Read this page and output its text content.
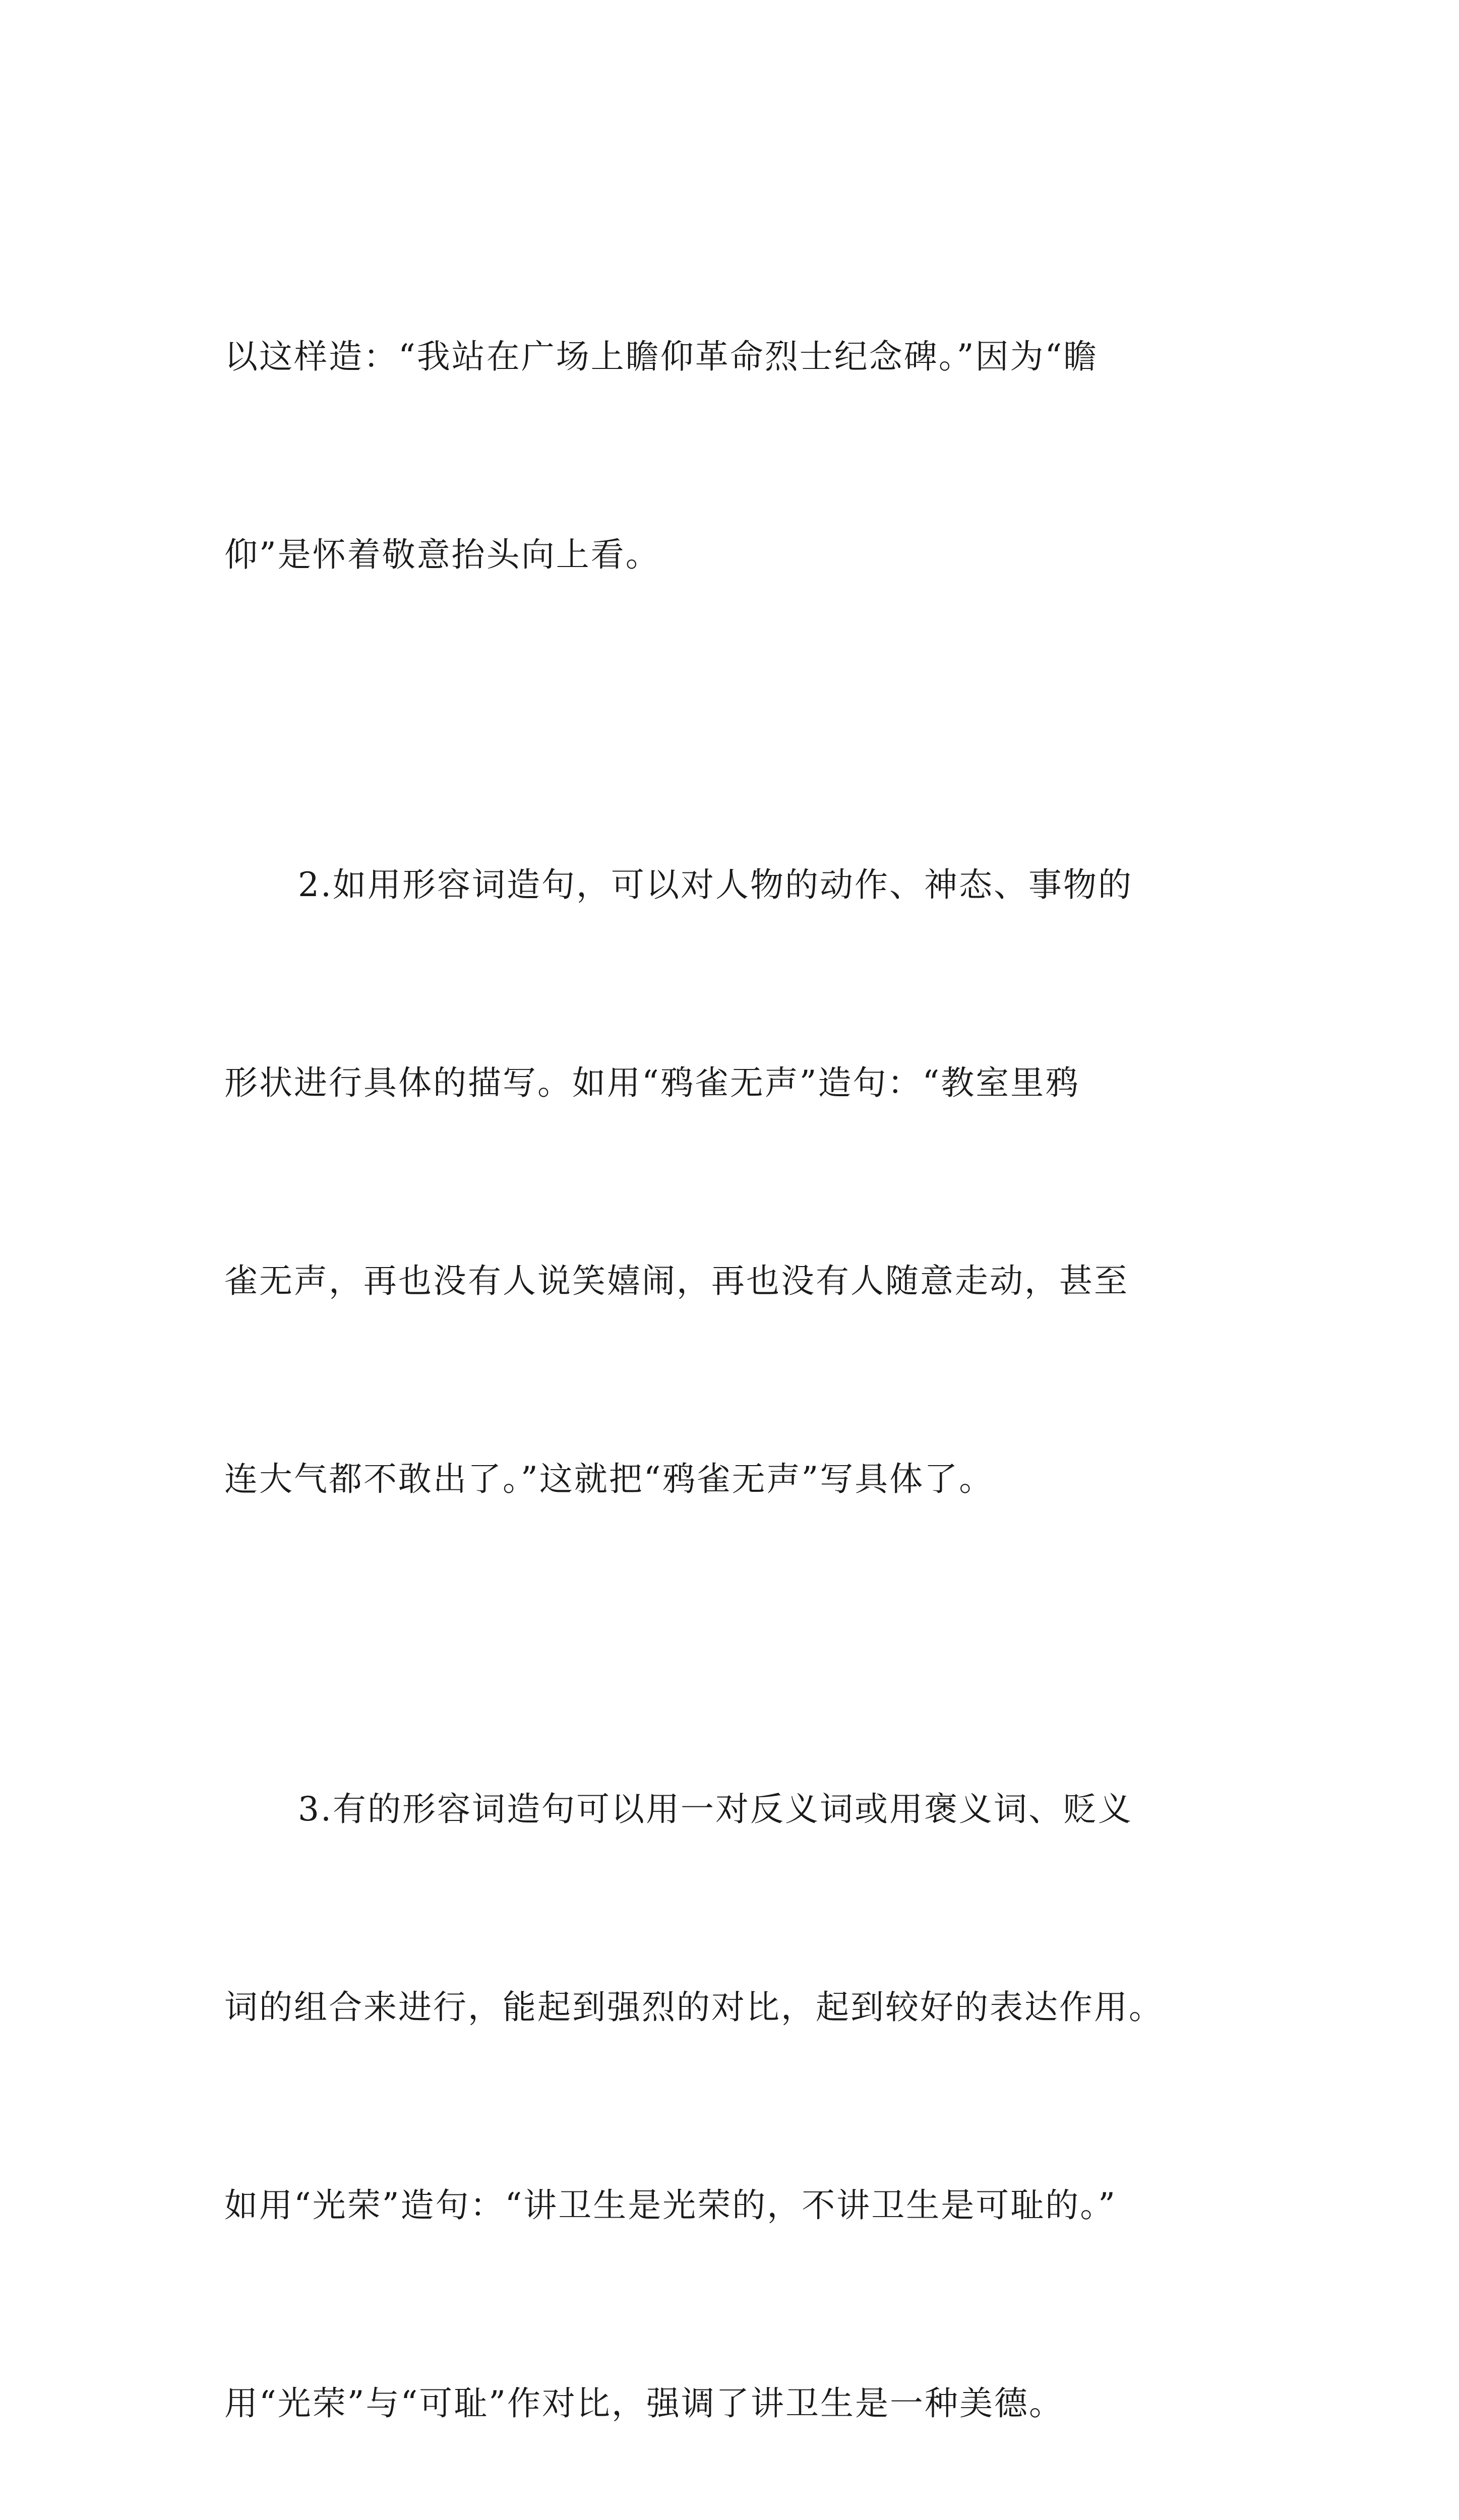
以这样造：“我站在广场上瞻仰革命烈士纪念碑。”因为“瞻

仰”是怀着敬意抬头向上看。

2.如用形容词造句，可以对人物的动作、神态、事物的

形状进行具体的描写。如用“鸦雀无声”造句：“教室里鸦

雀无声，再也没有人说笑嬉闹，再也没有人随意走动，甚至

连大气都不敢出了。”这就把“鸦雀无声”写具体了。

3.有的形容词造句可以用一对反义词或用褒义词、贬义

词的组合来进行，能起到强烈的对比，起到较好的表达作用。

如用“光荣”造句：“讲卫生是光荣的，不讲卫生是可耻的。”

用“光荣”与“可耻”作对比，强调了讲卫生是一种美德。
